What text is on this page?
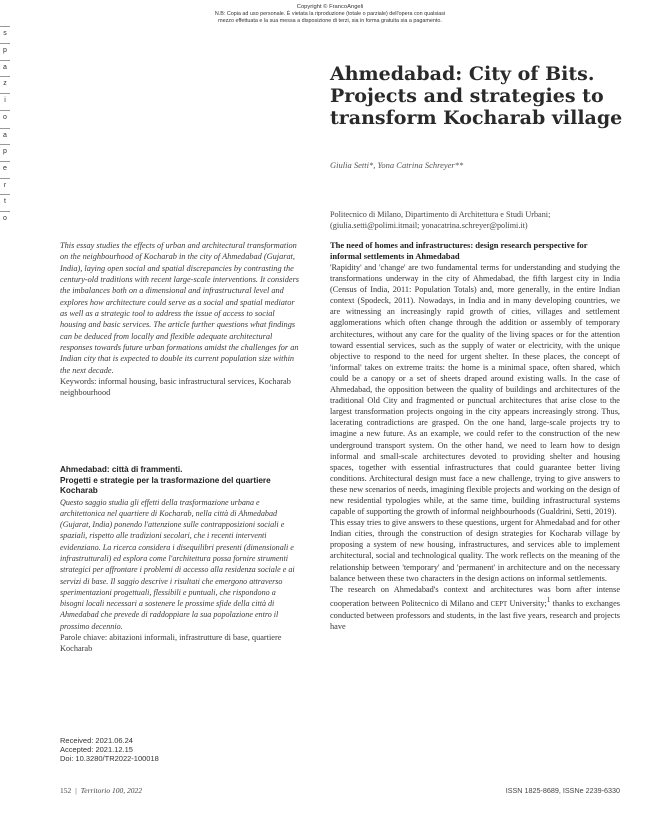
Copyright © FrancoAngeli
N.B: Copia ad uso personale. È vietata la riproduzione (totale o parziale) dell'opera con qualsiasi
mezzo effettuata e la sua messa a disposizione di terzi, sia in forma gratuita sia a pagamento.
s
p
a
z
i
o
a
p
e
r
t
o
Ahmedabad: City of Bits. Projects and strategies to transform Kocharab village
Giulia Setti*, Yona Catrina Schreyer**
Politecnico di Milano, Dipartimento di Architettura e Studi Urbani; (giulia.setti@polimi.itmail; yonacatrina.schreyer@polimi.it)

This essay studies the effects of urban and architectural transformation on the neighbourhood of Kocharab in the city of Ahmedabad (Gujarat, India), laying open social and spatial discrepancies by contrasting the century-old traditions with recent large-scale interventions. It considers the imbalances both on a dimensional and infrastructural level and explores how architecture could serve as a social and spatial mediator as well as a strategic tool to address the issue of access to social housing and basic services. The article further questions what findings can be deduced from locally and flexible adequate architectural responses towards future urban formations amidst the challenges for an Indian city that is expected to double its current population size within the next decade.

Keywords: informal housing, basic infrastructural services, Kocharab neighbourhood

Ahmedabad: città di frammenti.

Progetti e strategie per la trasformazione del quartiere Kocharab

Questo saggio studia gli effetti della trasformazione urbana e architettonica nel quartiere di Kocharab, nella città di Ahmedabad (Gujarat, India) ponendo l'attenzione sulle contrapposizioni sociali e spaziali, rispetto alle tradizioni secolari, che i recenti interventi evidenziano. La ricerca considera i disequilibri presenti (dimensionali e infrastrutturali) ed esplora come l'architettura possa fornire strumenti strategici per affrontare i problemi di accesso alla residenza sociale e ai servizi di base. Il saggio descrive i risultati che emergono attraverso sperimentazioni progettuali, flessibili e puntuali, che rispondono a bisogni locali necessari a sostenere le prossime sfide della città di Ahmedabad che prevede di raddoppiare la sua popolazione entro il prossimo decennio.

Parole chiave: abitazioni informali, infrastrutture di base, quartiere Kocharab

Received: 2021.06.24
Accepted: 2021.12.15
Doi: 10.3280/TR2022-100018

The need of homes and infrastructures: design research perspective for informal settlements in Ahmedabad

'Rapidity' and 'change' are two fundamental terms for understanding and studying the transformations underway in the city of Ahmedabad, the fifth largest city in India (Census of India, 2011: Population Totals) and, more generally, in the entire Indian context (Spodeck, 2011). Nowadays, in India and in many developing countries, we are witnessing an increasingly rapid growth of cities, villages and settlement agglomerations which often change through the addition or assembly of temporary architectures, without any care for the quality of the living spaces or for the attention toward essential services, such as the supply of water or electricity, with the unique objective to respond to the need for urgent shelter. In these places, the concept of 'informal' takes on extreme traits: the home is a minimal space, often shared, which could be a canopy or a set of sheets draped around existing walls. In the case of Ahmedabad, the opposition between the quality of buildings and architectures of the traditional Old City and fragmented or punctual architectures that arise close to the largest transformation projects ongoing in the city appears increasingly strong. Thus, lacerating contradictions are grasped. On the one hand, large-scale projects try to imagine a new future. As an example, we could refer to the construction of the new underground transport system. On the other hand, we need to learn how to design informal and small-scale architectures devoted to providing shelter and housing spaces, together with essential infrastructures that could guarantee better living conditions. Architectural design must face a new challenge, trying to give answers to these new scenarios of needs, imagining flexible projects and working on the design of new residential typologies while, at the same time, building infrastructural systems capable of supporting the growth of informal neighbourhoods (Gualdrini, Setti, 2019).

This essay tries to give answers to these questions, urgent for Ahmedabad and for other Indian cities, through the construction of design strategies for Kocharab village by proposing a system of new housing, infrastructures, and services able to implement architectural, social and technological quality. The work reflects on the meaning of the relationship between 'temporary' and 'permanent' in architecture and on the necessary balance between these two characters in the design actions on informal settlements.

The research on Ahmedabad's context and architectures was born after intense cooperation between Politecnico di Milano and CEPT University;$^1$ thanks to exchanges conducted between professors and students, in the last five years, research and projects have

152 | Territorio 100, 2022	ISSN 1825-8689, ISSNe 2239-6330
